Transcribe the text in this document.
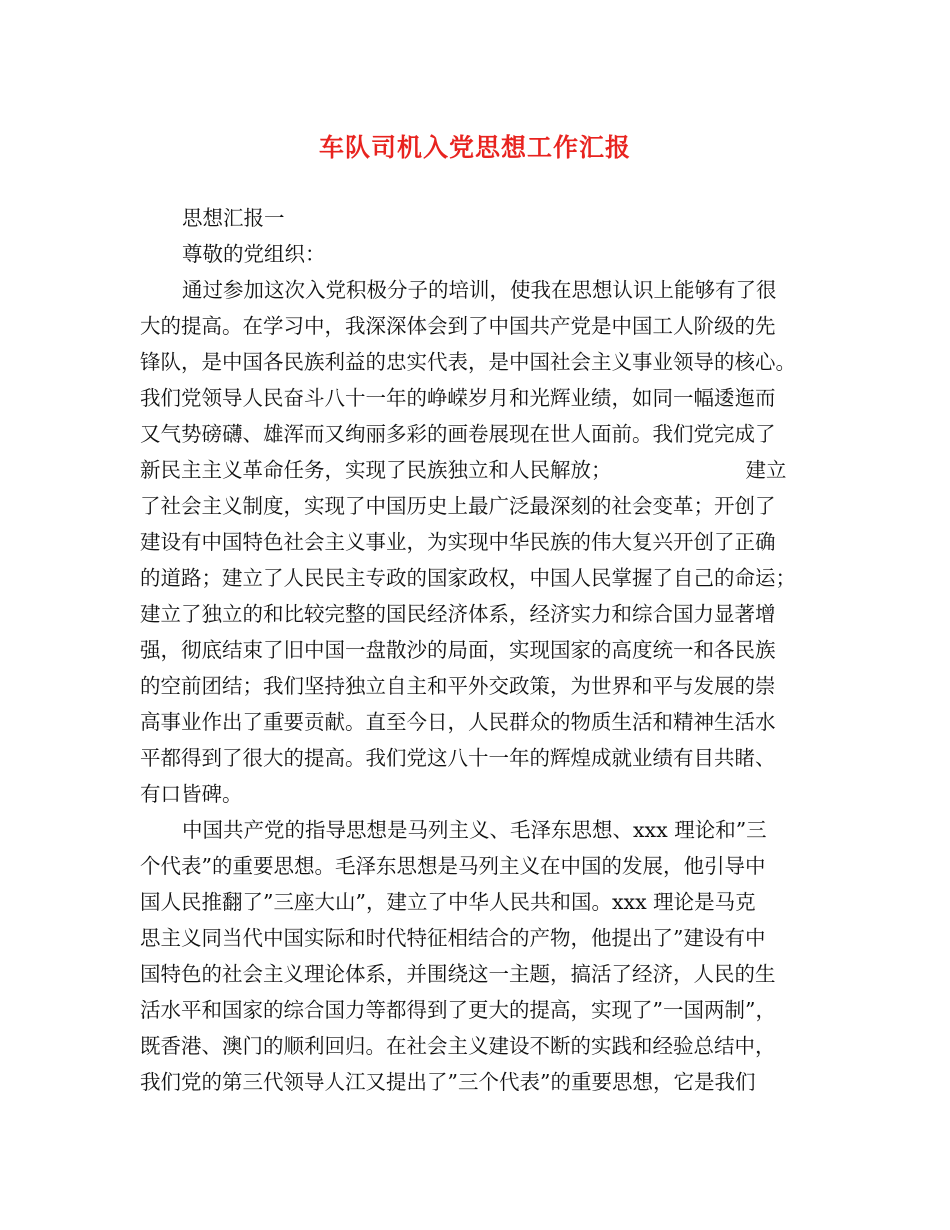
车队司机入党思想工作汇报
思想汇报一
尊敬的党组织：
通过参加这次入党积极分子的培训，使我在思想认识上能够有了很
大的提高。在学习中，我深深体会到了中国共产党是中国工人阶级的先
锋队，是中国各民族利益的忠实代表，是中国社会主义事业领导的核心。
我们党领导人民奋斗八十一年的峥嵘岁月和光辉业绩，如同一幅逶迤而
又气势磅礴、雄浑而又绚丽多彩的画卷展现在世人面前。我们党完成了
新民主主义革命任务，实现了民族独立和人民解放；	建立
了社会主义制度，实现了中国历史上最广泛最深刻的社会变革；开创了
建设有中国特色社会主义事业，为实现中华民族的伟大复兴开创了正确
的道路；建立了人民民主专政的国家政权，中国人民掌握了自己的命运；
建立了独立的和比较完整的国民经济体系，经济实力和综合国力显著增
强，彻底结束了旧中国一盘散沙的局面，实现国家的高度统一和各民族
的空前团结；我们坚持独立自主和平外交政策，为世界和平与发展的崇
高事业作出了重要贡献。直至今日，人民群众的物质生活和精神生活水
平都得到了很大的提高。我们党这八十一年的辉煌成就业绩有目共睹、
有口皆碑。
中国共产党的指导思想是马列主义、毛泽东思想、xxx 理论和”三
个代表”的重要思想。毛泽东思想是马列主义在中国的发展，他引导中
国人民推翻了”三座大山”，建立了中华人民共和国。xxx 理论是马克
思主义同当代中国实际和时代特征相结合的产物，他提出了”建设有中
国特色的社会主义理论体系，并围绕这一主题，搞活了经济，人民的生
活水平和国家的综合国力等都得到了更大的提高，实现了”一国两制”，
既香港、澳门的顺利回归。在社会主义建设不断的实践和经验总结中，
我们党的第三代领导人江又提出了”三个代表”的重要思想，它是我们
